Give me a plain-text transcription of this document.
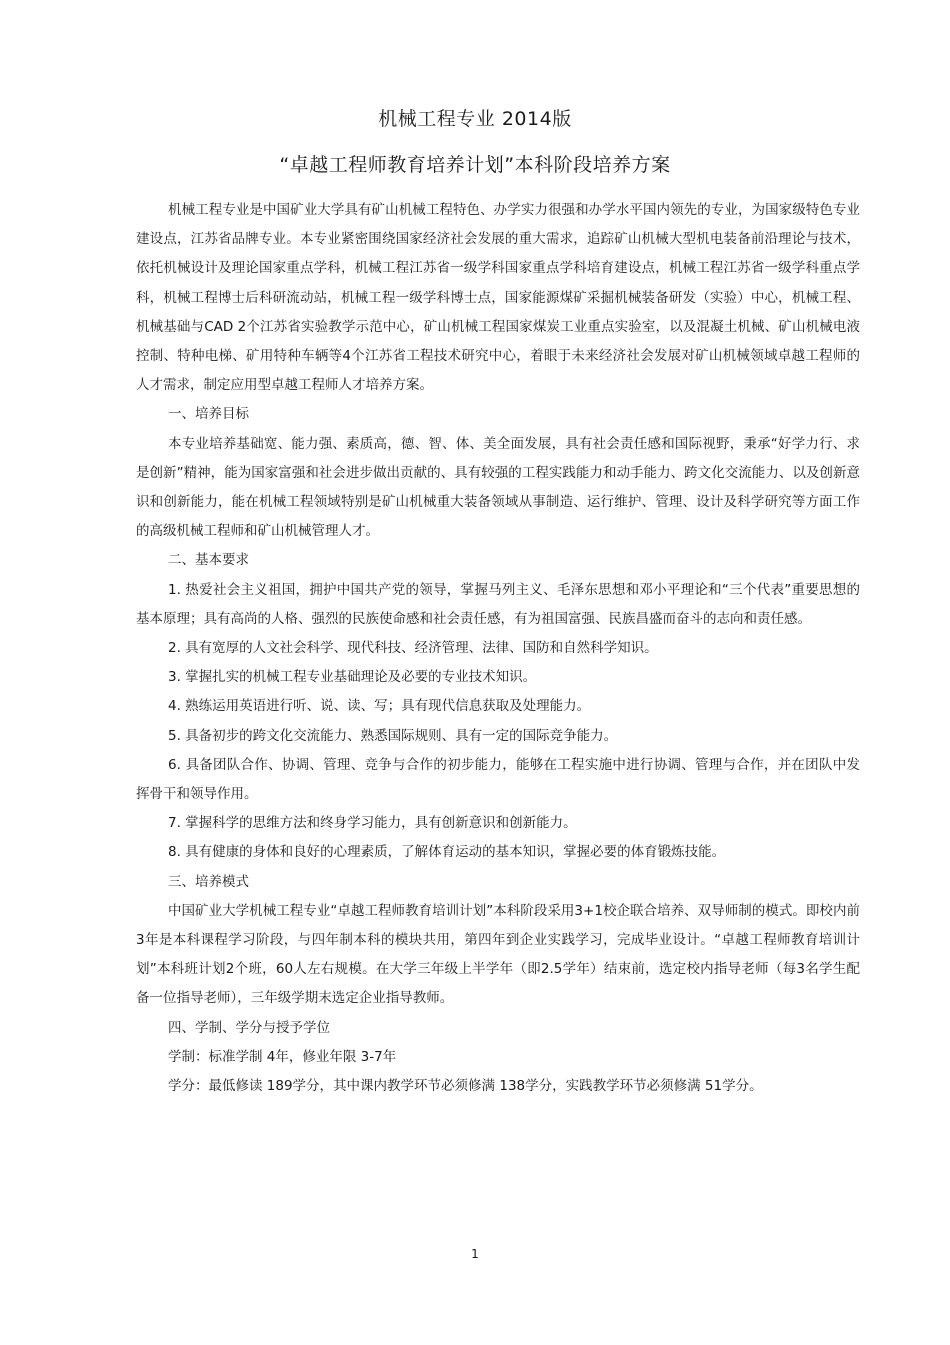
机械工程专业 2014版
“卓越工程师教育培养计划”本科阶段培养方案

机械工程专业是中国矿业大学具有矿山机械工程特色、办学实力很强和办学水平国内领先的专业，为国家级特色专业建设点，江苏省品牌专业。本专业紧密围绕国家经济社会发展的重大需求，追踪矿山机械大型机电装备前沿理论与技术，依托机械设计及理论国家重点学科，机械工程江苏省一级学科国家重点学科培育建设点，机械工程江苏省一级学科重点学科，机械工程博士后科研流动站，机械工程一级学科博士点，国家能源煤矿采掘机械装备研发（实验）中心，机械工程、机械基础与CAD 2个江苏省实验教学示范中心，矿山机械工程国家煤炭工业重点实验室，以及混凝土机械、矿山机械电液控制、特种电梯、矿用特种车辆等4个江苏省工程技术研究中心，着眼于未来经济社会发展对矿山机械领域卓越工程师的人才需求，制定应用型卓越工程师人才培养方案。

一、培养目标

本专业培养基础宽、能力强、素质高，德、智、体、美全面发展，具有社会责任感和国际视野，秉承“好学力行、求是创新”精神，能为国家富强和社会进步做出贡献的、具有较强的工程实践能力和动手能力、跨文化交流能力、以及创新意识和创新能力，能在机械工程领域特别是矿山机械重大装备领域从事制造、运行维护、管理、设计及科学研究等方面工作的高级机械工程师和矿山机械管理人才。

二、基本要求

1. 热爱社会主义祖国，拥护中国共产党的领导，掌握马列主义、毛泽东思想和邓小平理论和“三个代表”重要思想的基本原理；具有高尚的人格、强烈的民族使命感和社会责任感，有为祖国富强、民族昌盛而奋斗的志向和责任感。

2. 具有宽厚的人文社会科学、现代科技、经济管理、法律、国防和自然科学知识。

3. 掌握扎实的机械工程专业基础理论及必要的专业技术知识。

4. 熟练运用英语进行听、说、读、写；具有现代信息获取及处理能力。

5. 具备初步的跨文化交流能力、熟悉国际规则、具有一定的国际竞争能力。

6. 具备团队合作、协调、管理、竞争与合作的初步能力，能够在工程实施中进行协调、管理与合作，并在团队中发挥骨干和领导作用。

7. 掌握科学的思维方法和终身学习能力，具有创新意识和创新能力。

8. 具有健康的身体和良好的心理素质，了解体育运动的基本知识，掌握必要的体育锻炼技能。

三、培养模式

中国矿业大学机械工程专业“卓越工程师教育培训计划”本科阶段采用3+1校企联合培养、双导师制的模式。即校内前3年是本科课程学习阶段，与四年制本科的模块共用，第四年到企业实践学习，完成毕业设计。“卓越工程师教育培训计划”本科班计划2个班，60人左右规模。在大学三年级上半学年（即2.5学年）结束前，选定校内指导老师（每3名学生配备一位指导老师），三年级学期末选定企业指导教师。

四、学制、学分与授予学位

学制：标准学制 4年，修业年限 3-7年

学分：最低修读 189学分，其中课内教学环节必须修满 138学分，实践教学环节必须修满 51学分。

1
